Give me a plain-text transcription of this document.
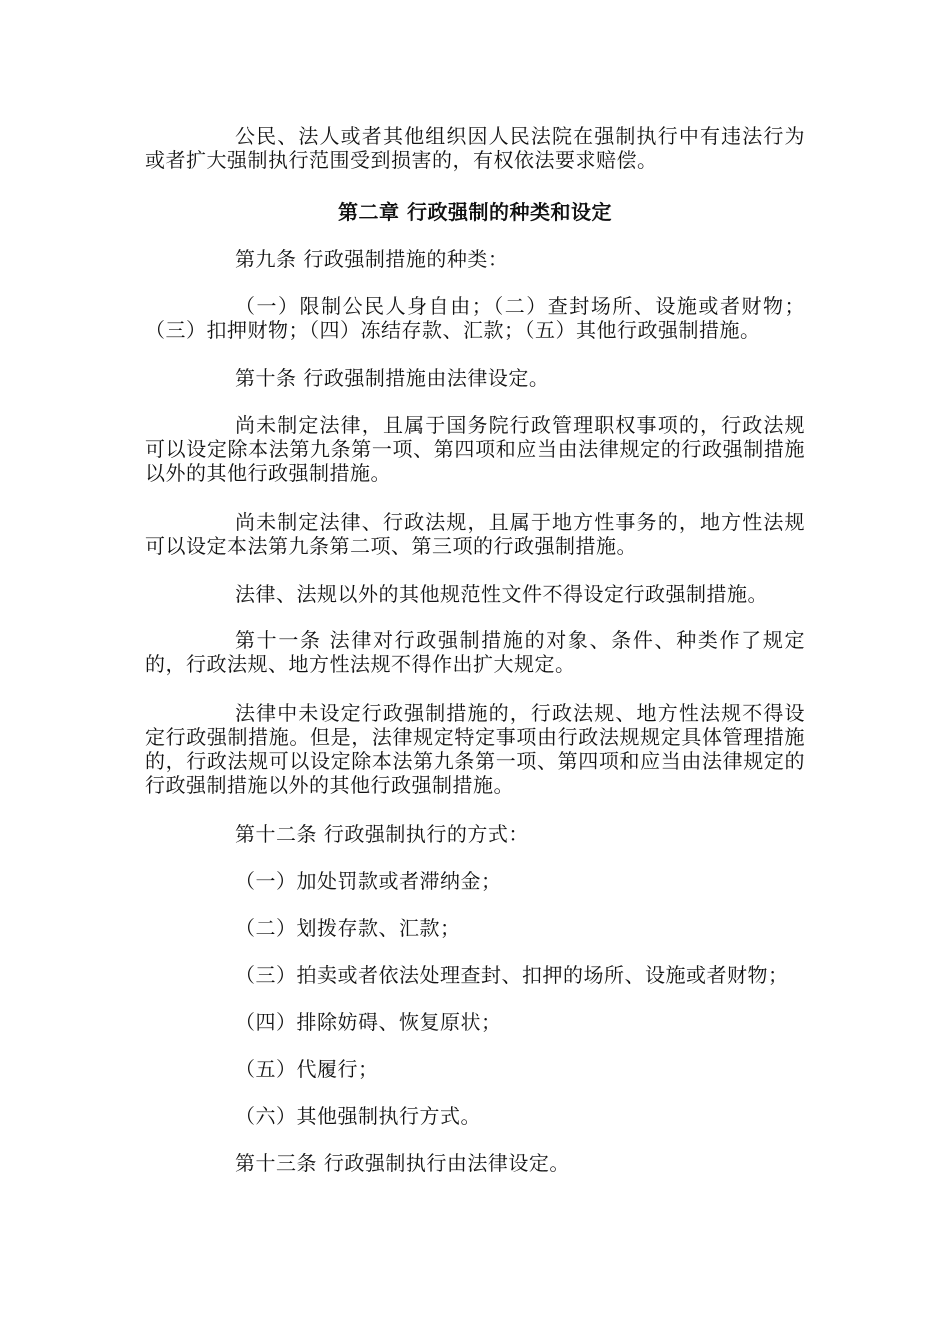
公民、法人或者其他组织因人民法院在强制执行中有违法行为或者扩大强制执行范围受到损害的，有权依法要求赔偿。

第二章 行政强制的种类和设定

第九条 行政强制措施的种类：

（一）限制公民人身自由；（二）查封场所、设施或者财物；（三）扣押财物；（四）冻结存款、汇款；（五）其他行政强制措施。

第十条 行政强制措施由法律设定。

尚未制定法律，且属于国务院行政管理职权事项的，行政法规可以设定除本法第九条第一项、第四项和应当由法律规定的行政强制措施以外的其他行政强制措施。

尚未制定法律、行政法规，且属于地方性事务的，地方性法规可以设定本法第九条第二项、第三项的行政强制措施。

法律、法规以外的其他规范性文件不得设定行政强制措施。

第十一条 法律对行政强制措施的对象、条件、种类作了规定的，行政法规、地方性法规不得作出扩大规定。

法律中未设定行政强制措施的，行政法规、地方性法规不得设定行政强制措施。但是，法律规定特定事项由行政法规规定具体管理措施的，行政法规可以设定除本法第九条第一项、第四项和应当由法律规定的行政强制措施以外的其他行政强制措施。

第十二条 行政强制执行的方式：

（一）加处罚款或者滞纳金；

（二）划拨存款、汇款；

（三）拍卖或者依法处理查封、扣押的场所、设施或者财物；

（四）排除妨碍、恢复原状；

（五）代履行；

（六）其他强制执行方式。

第十三条 行政强制执行由法律设定。
